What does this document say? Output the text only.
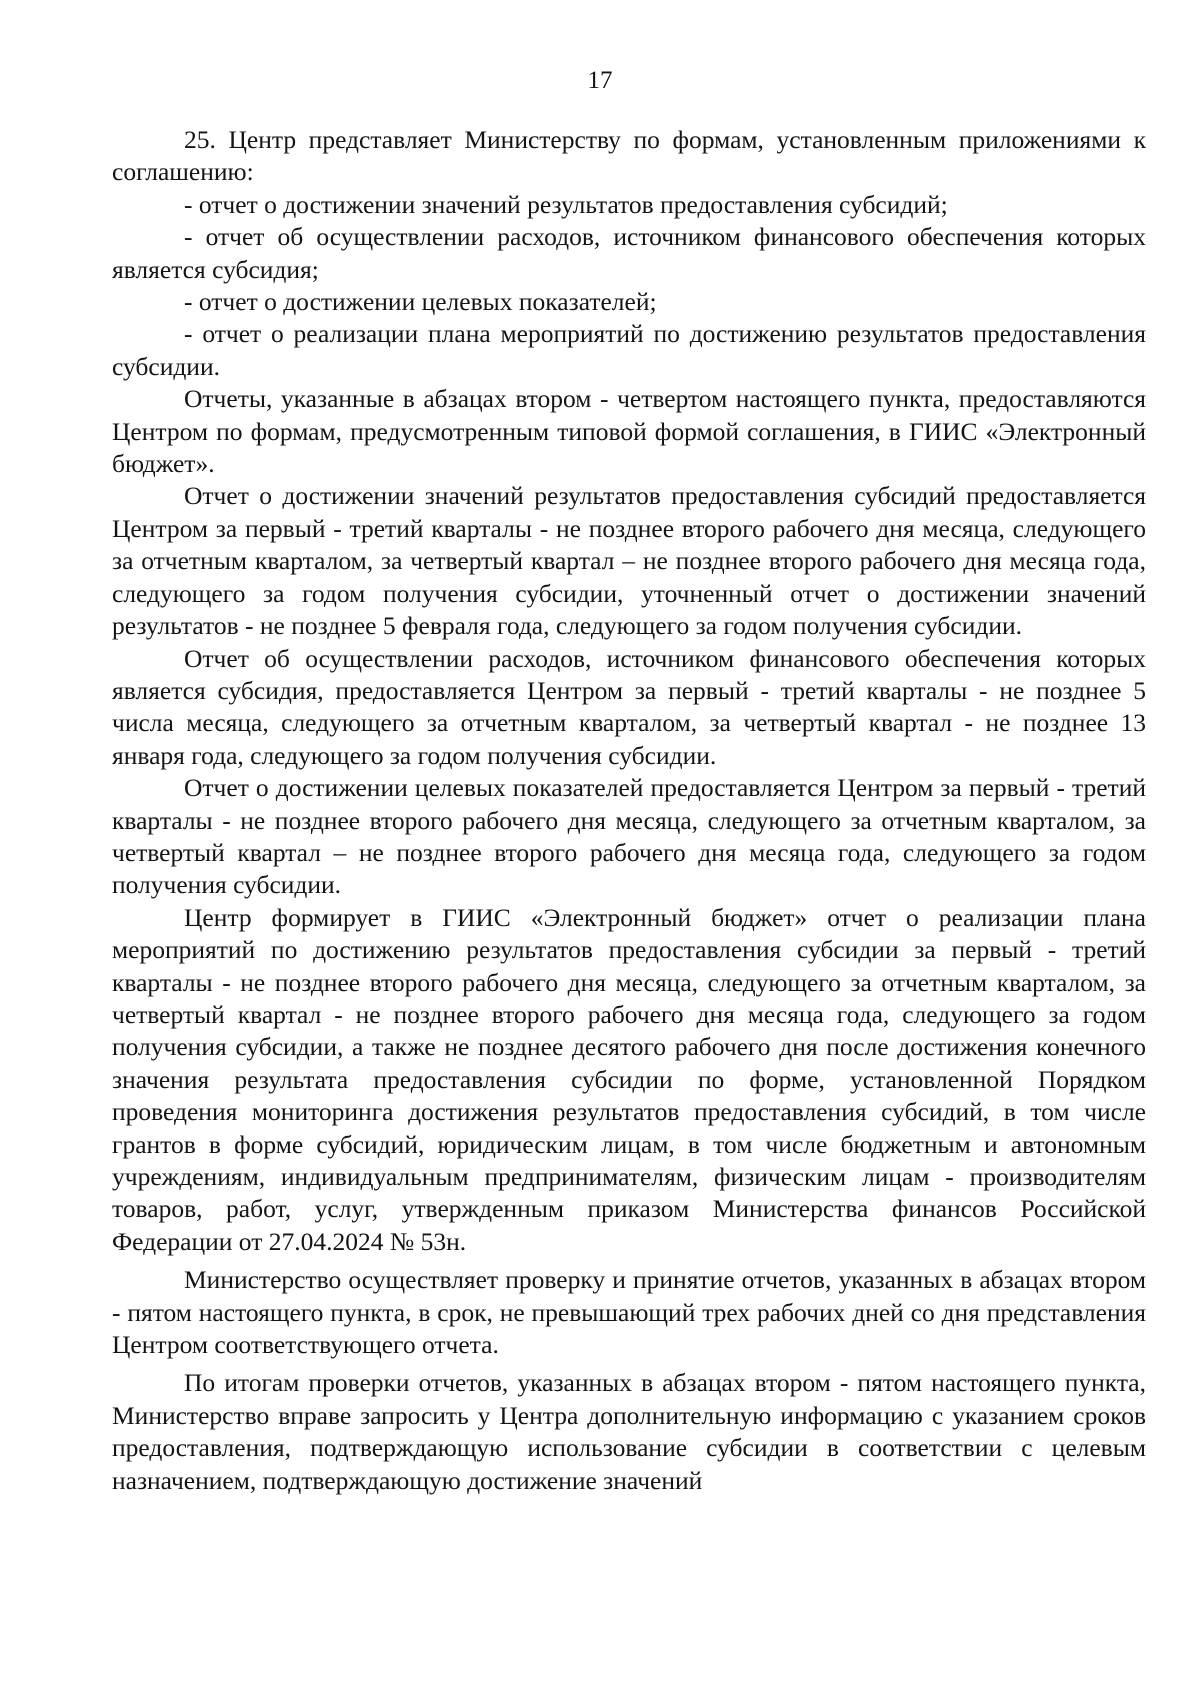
17

25. Центр представляет Министерству по формам, установленным приложениями к соглашению:

- отчет о достижении значений результатов предоставления субсидий;

- отчет об осуществлении расходов, источником финансового обеспечения которых является субсидия;

- отчет о достижении целевых показателей;

- отчет о реализации плана мероприятий по достижению результатов предоставления субсидии.

Отчеты, указанные в абзацах втором - четвертом настоящего пункта, предоставляются Центром по формам, предусмотренным типовой формой соглашения, в ГИИС «Электронный бюджет».

Отчет о достижении значений результатов предоставления субсидий предоставляется Центром за первый - третий кварталы - не позднее второго рабочего дня месяца, следующего за отчетным кварталом, за четвертый квартал – не позднее второго рабочего дня месяца года, следующего за годом получения субсидии, уточненный отчет о достижении значений результатов - не позднее 5 февраля года, следующего за годом получения субсидии.

Отчет об осуществлении расходов, источником финансового обеспечения которых является субсидия, предоставляется Центром за первый - третий кварталы - не позднее 5 числа месяца, следующего за отчетным кварталом, за четвертый квартал - не позднее 13 января года, следующего за годом получения субсидии.

Отчет о достижении целевых показателей предоставляется Центром за первый - третий кварталы - не позднее второго рабочего дня месяца, следующего за отчетным кварталом, за четвертый квартал – не позднее второго рабочего дня месяца года, следующего за годом получения субсидии.

Центр формирует в ГИИС «Электронный бюджет» отчет о реализации плана мероприятий по достижению результатов предоставления субсидии за первый - третий кварталы - не позднее второго рабочего дня месяца, следующего за отчетным кварталом, за четвертый квартал - не позднее второго рабочего дня месяца года, следующего за годом получения субсидии, а также не позднее десятого рабочего дня после достижения конечного значения результата предоставления субсидии по форме, установленной Порядком проведения мониторинга достижения результатов предоставления субсидий, в том числе грантов в форме субсидий, юридическим лицам, в том числе бюджетным и автономным учреждениям, индивидуальным предпринимателям, физическим лицам - производителям товаров, работ, услуг, утвержденным приказом Министерства финансов Российской Федерации от 27.04.2024 № 53н.

Министерство осуществляет проверку и принятие отчетов, указанных в абзацах втором - пятом настоящего пункта, в срок, не превышающий трех рабочих дней со дня представления Центром соответствующего отчета.

По итогам проверки отчетов, указанных в абзацах втором - пятом настоящего пункта, Министерство вправе запросить у Центра дополнительную информацию с указанием сроков предоставления, подтверждающую использование субсидии в соответствии с целевым назначением, подтверждающую достижение значений
